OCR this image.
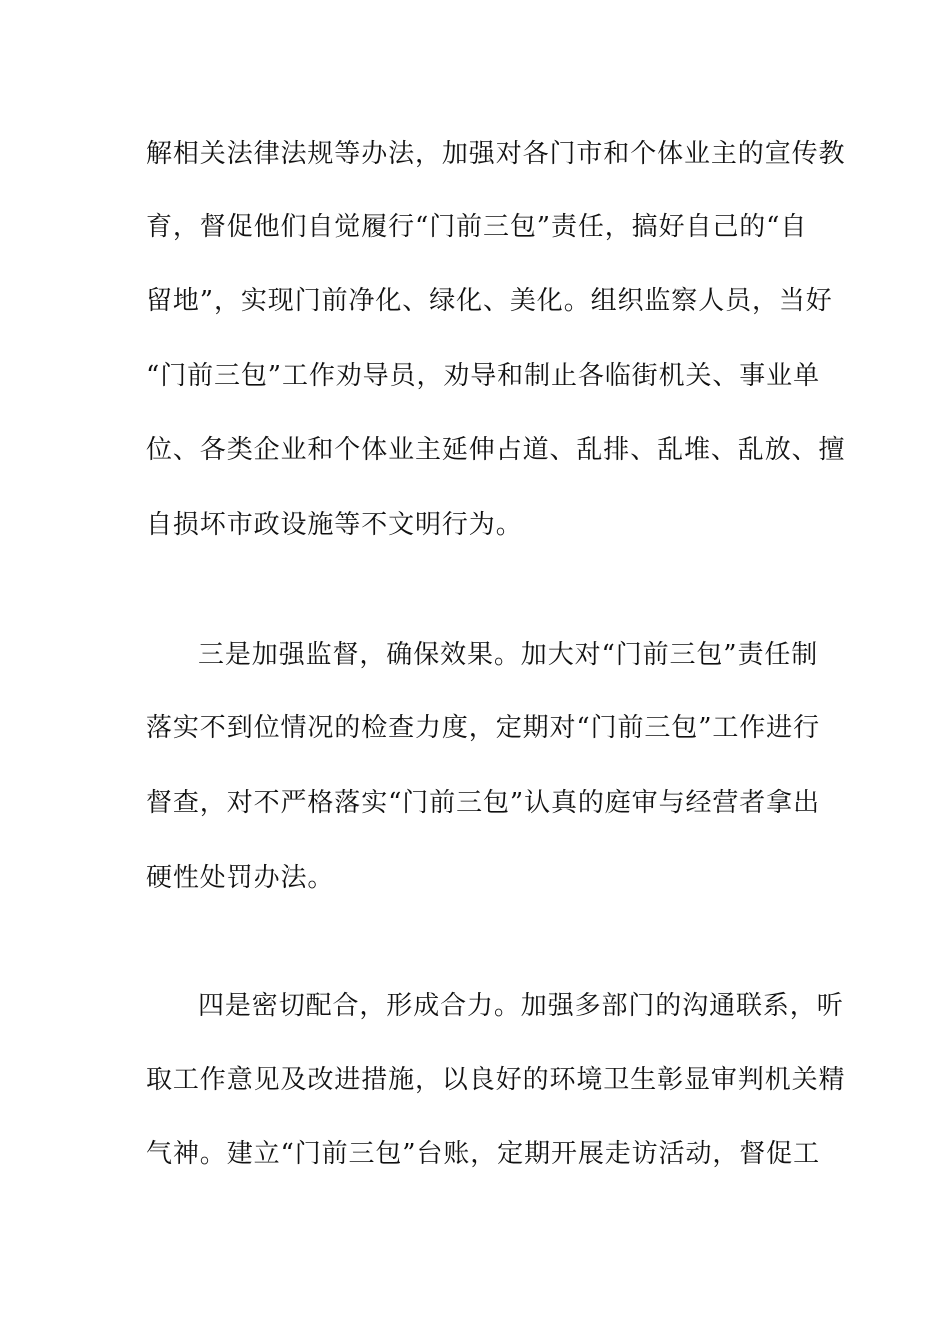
解相关法律法规等办法，加强对各门市和个体业主的宣传教
育，督促他们自觉履行“门前三包”责任，搞好自己的“自
留地”，实现门前净化、绿化、美化。组织监察人员，当好
“门前三包”工作劝导员，劝导和制止各临街机关、事业单
位、各类企业和个体业主延伸占道、乱排、乱堆、乱放、擅
自损坏市政设施等不文明行为。
三是加强监督，确保效果。加大对“门前三包”责任制
落实不到位情况的检查力度，定期对“门前三包”工作进行
督查，对不严格落实“门前三包”认真的庭审与经营者拿出
硬性处罚办法。
四是密切配合，形成合力。加强多部门的沟通联系，听
取工作意见及改进措施，以良好的环境卫生彰显审判机关精
气神。建立“门前三包”台账，定期开展走访活动，督促工
